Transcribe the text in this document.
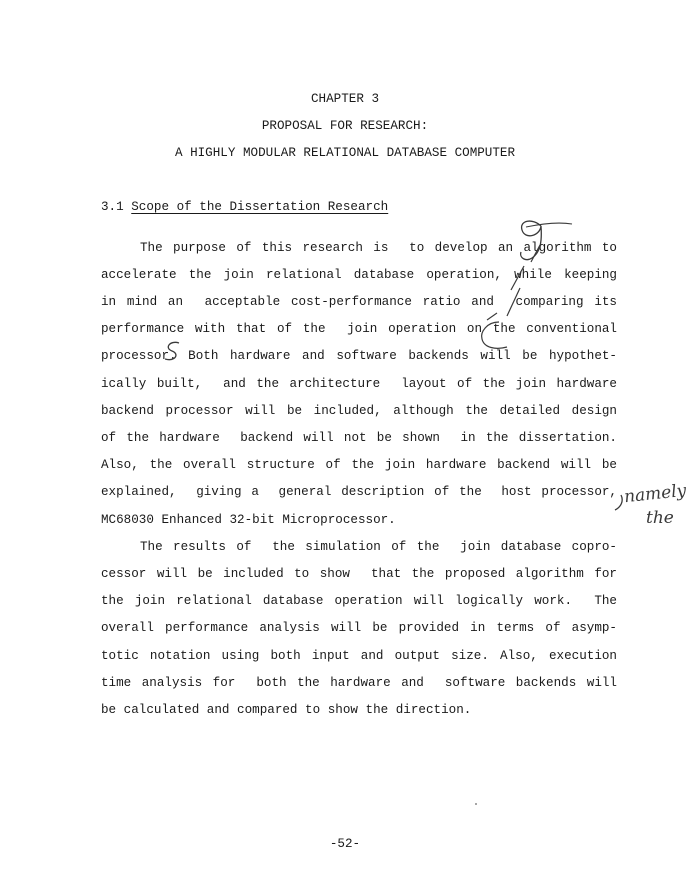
CHAPTER 3
PROPOSAL FOR RESEARCH:
A HIGHLY MODULAR RELATIONAL DATABASE COMPUTER
3.1 Scope of the Dissertation Research
The purpose of this research is  to develop an algorithm to
accelerate the join relational database operation, while keeping
in mind an  acceptable cost-performance ratio and  comparing its
performance with that of the  join operation on the conventional
processor. Both hardware and software backends will be hypothet-
ically built,  and the architecture  layout of the join hardware
backend processor will be included, although the detailed design
of the hardware  backend will not be shown  in the dissertation.
Also, the overall structure of the join hardware backend will be
explained,  giving a  general description of the  host processor,
MC68030 Enhanced 32-bit Microprocessor.
The results of  the simulation of the  join database copro-
cessor will be included to show  that the proposed algorithm for
the join relational database operation will logically work.  The
overall performance analysis will be provided in terms of asymp-
totic notation using both input and output size. Also, execution
time analysis for  both the hardware and  software backends will
be calculated and compared to show the direction.
namely
the
-52-
